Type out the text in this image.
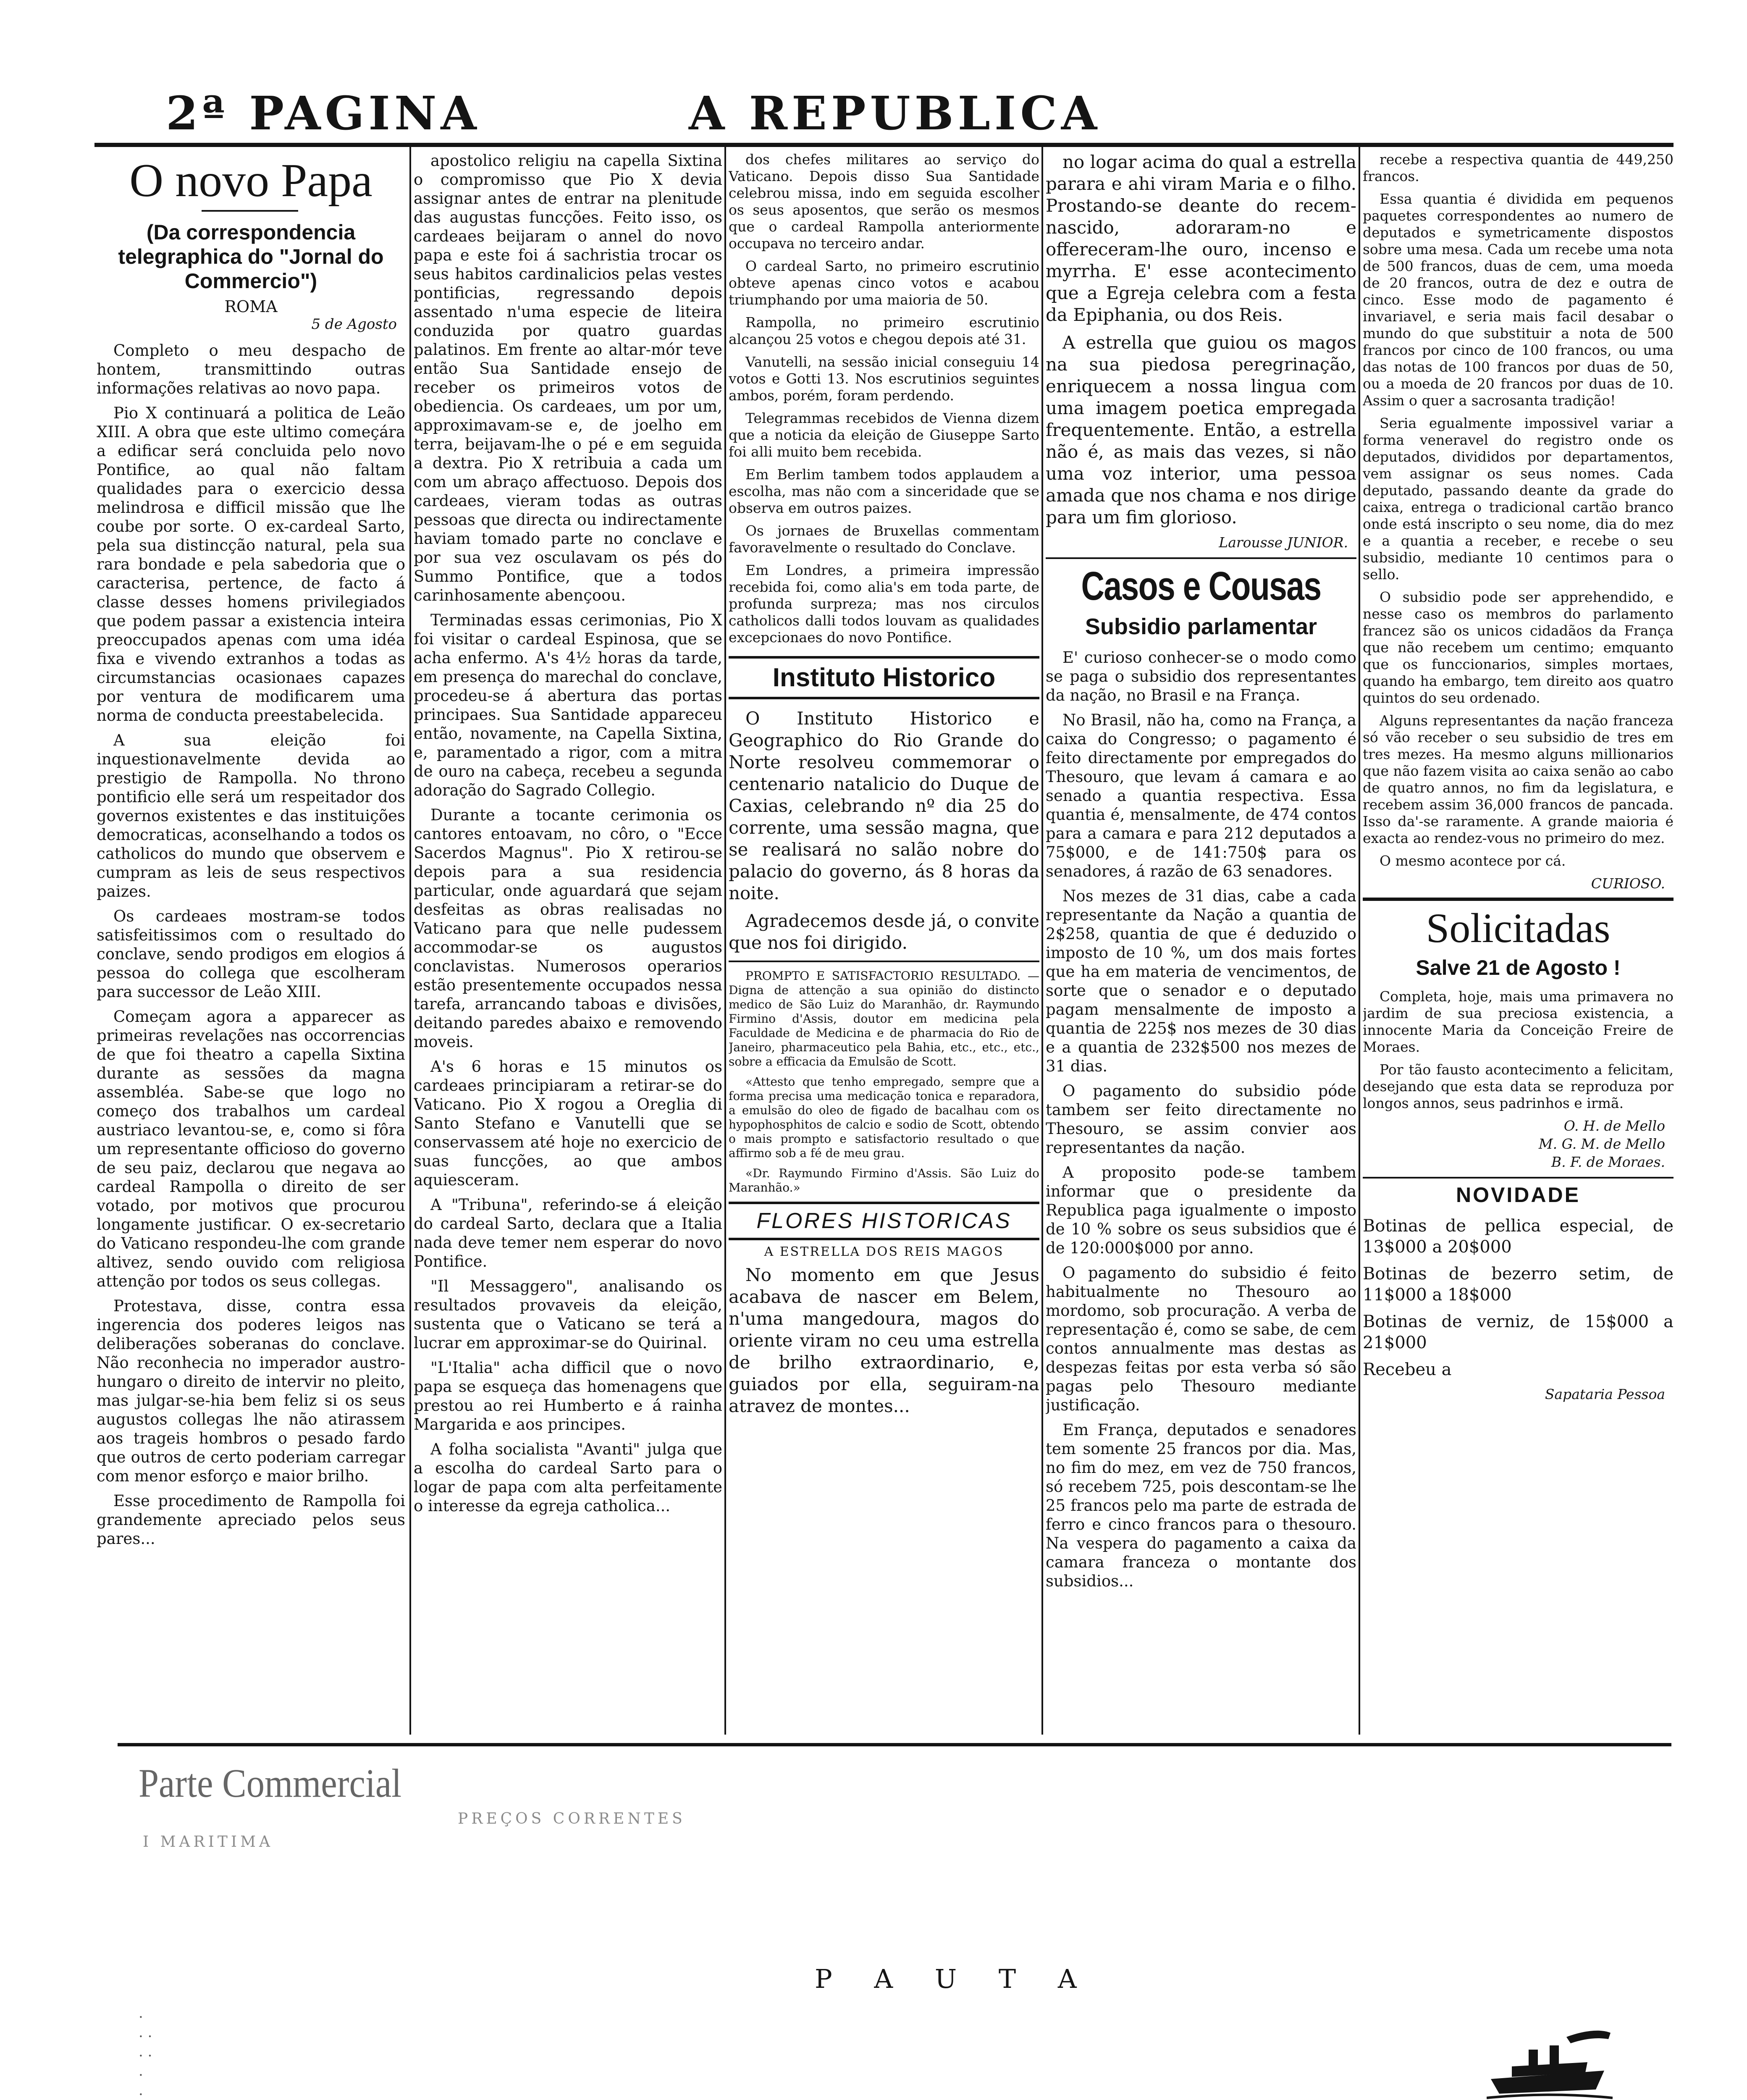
2ª PAGINA	A REPUBLICA
O novo Papa
(Da correspondencia telegraphica do "Jornal do Commercio")
ROMA
5 de Agosto

Completo o meu despacho de hontem, transmittindo outras informações relativas ao novo papa.

Pio X continuará a politica de Leão XIII. A obra que este ultimo começára a edificar será concluida pelo novo Pontifice, ao qual não faltam qualidades para o exercicio dessa melindrosa e difficil missão que lhe coube por sorte. O ex-cardeal Sarto, pela sua distincção natural, pela sua rara bondade e pela sabedoria que o caracterisa, pertence, de facto á classe desses homens privilegiados que podem passar a existencia inteira preoccupados apenas com uma idéa fixa e vivendo extranhos a todas as circumstancias ocasionaes capazes por ventura de modificarem uma norma de conducta preestabelecida.

A sua eleição foi inquestionavelmente devida ao prestigio de Rampolla. No throno pontificio elle será um respeitador dos governos existentes e das instituições democraticas, aconselhando a todos os catholicos do mundo que observem e cumpram as leis de seus respectivos paizes.

Os cardeaes mostram-se todos satisfeitissimos com o resultado do conclave, sendo prodigos em elogios á pessoa do collega que escolheram para successor de Leão XIII.

Começam agora a apparecer as primeiras revelações nas occorrencias de que foi theatro a capella Sixtina durante as sessões da magna assembléa. Sabe-se que logo no começo dos trabalhos um cardeal austriaco levantou-se, e, como si fôra um representante officioso do governo de seu paiz, declarou que negava ao cardeal Rampolla o direito de ser votado, por motivos que procurou longamente justificar. O ex-secretario do Vaticano respondeu-lhe com grande altivez, sendo ouvido com religiosa attenção por todos os seus collegas.

Protestava, disse, contra essa ingerencia dos poderes leigos nas deliberações soberanas do conclave. Não reconhecia no imperador austro-hungaro o direito de intervir no pleito, mas julgar-se-hia bem feliz si os seus augustos collegas lhe não atirassem aos trageis hombros o pesado fardo que outros de certo poderiam carregar com menor esforço e maior brilho.

Esse procedimento de Rampolla foi grandemente apreciado pelos seus pares...

apostolico religiu na capella Sixtina o compromisso que Pio X devia assignar antes de entrar na plenitude das augustas funcções. Feito isso, os cardeaes beijaram o annel do novo papa e este foi á sachristia trocar os seus habitos cardinalicios pelas vestes pontificias, regressando depois assentado n'uma especie de liteira conduzida por quatro guardas palatinos. Em frente ao altar-mór teve então Sua Santidade ensejo de receber os primeiros votos de obediencia. Os cardeaes, um por um, approximavam-se e, de joelho em terra, beijavam-lhe o pé e em seguida a dextra. Pio X retribuia a cada um com um abraço affectuoso. Depois dos cardeaes, vieram todas as outras pessoas que directa ou indirectamente haviam tomado parte no conclave e por sua vez osculavam os pés do Summo Pontifice, que a todos carinhosamente abençoou.

Terminadas essas cerimonias, Pio X foi visitar o cardeal Espinosa, que se acha enfermo. A's 4½ horas da tarde, em presença do marechal do conclave, procedeu-se á abertura das portas principaes. Sua Santidade appareceu então, novamente, na Capella Sixtina, e, paramentado a rigor, com a mitra de ouro na cabeça, recebeu a segunda adoração do Sagrado Collegio.

Durante a tocante cerimonia os cantores entoavam, no côro, o "Ecce Sacerdos Magnus". Pio X retirou-se depois para a sua residencia particular, onde aguardará que sejam desfeitas as obras realisadas no Vaticano para que nelle pudessem accommodar-se os augustos conclavistas. Numerosos operarios estão presentemente occupados nessa tarefa, arrancando taboas e divisões, deitando paredes abaixo e removendo moveis.

A's 6 horas e 15 minutos os cardeaes principiaram a retirar-se do Vaticano. Pio X rogou a Oreglia di Santo Stefano e Vanutelli que se conservassem até hoje no exercicio de suas funcções, ao que ambos aquiesceram.

A "Tribuna", referindo-se á eleição do cardeal Sarto, declara que a Italia nada deve temer nem esperar do novo Pontifice.

"Il Messaggero", analisando os resultados provaveis da eleição, sustenta que o Vaticano se terá a lucrar em approximar-se do Quirinal.

"L'Italia" acha difficil que o novo papa se esqueça das homenagens que prestou ao rei Humberto e á rainha Margarida e aos principes.

A folha socialista "Avanti" julga que a escolha do cardeal Sarto para o logar de papa com alta perfeitamente o interesse da egreja catholica...

dos chefes militares ao serviço do Vaticano. Depois disso Sua Santidade celebrou missa, indo em seguida escolher os seus aposentos, que serão os mesmos que o cardeal Rampolla anteriormente occupava no terceiro andar.

O cardeal Sarto, no primeiro escrutinio obteve apenas cinco votos e acabou triumphando por uma maioria de 50.

Rampolla, no primeiro escrutinio alcançou 25 votos e chegou depois até 31.

Vanutelli, na sessão inicial conseguiu 14 votos e Gotti 13. Nos escrutinios seguintes ambos, porém, foram perdendo.

Telegrammas recebidos de Vienna dizem que a noticia da eleição de Giuseppe Sarto foi alli muito bem recebida.

Em Berlim tambem todos applaudem a escolha, mas não com a sinceridade que se observa em outros paizes.

Os jornaes de Bruxellas commentam favoravelmente o resultado do Conclave.

Em Londres, a primeira impressão recebida foi, como alia's em toda parte, de profunda surpreza; mas nos circulos catholicos dalli todos louvam as qualidades excepcionaes do novo Pontifice.

Instituto Historico

O Instituto Historico e Geographico do Rio Grande do Norte resolveu commemorar o centenario natalicio do Duque de Caxias, celebrando nº dia 25 do corrente, uma sessão magna, que se realisará no salão nobre do palacio do governo, ás 8 horas da noite.

Agradecemos desde já, o convite que nos foi dirigido.

PROMPTO E SATISFACTORIO RESULTADO. — Digna de attenção a sua opinião do distincto medico de São Luiz do Maranhão, dr. Raymundo Firmino d'Assis, doutor em medicina pela Faculdade de Medicina e de pharmacia do Rio de Janeiro, pharmaceutico pela Bahia, etc., etc., etc., sobre a efficacia da Emulsão de Scott.

«Attesto que tenho empregado, sempre que a forma precisa uma medicação tonica e reparadora, a emulsão do oleo de figado de bacalhau com os hypophosphitos de calcio e sodio de Scott, obtendo o mais prompto e satisfactorio resultado o que affirmo sob a fé de meu grau.

«Dr. Raymundo Firmino d'Assis. São Luiz do Maranhão.»

FLORES HISTORICAS
A ESTRELLA DOS REIS MAGOS

No momento em que Jesus acabava de nascer em Belem, n'uma mangedoura, magos do oriente viram no ceu uma estrella de brilho extraordinario, e, guiados por ella, seguiram-na atravez de montes...

no logar acima do qual a estrella parara e ahi viram Maria e o filho. Prostando-se deante do recem-nascido, adoraram-no e offereceram-lhe ouro, incenso e myrrha. E' esse acontecimento que a Egreja celebra com a festa da Epiphania, ou dos Reis.

A estrella que guiou os magos na sua piedosa peregrinação, enriquecem a nossa lingua com uma imagem poetica empregada frequentemente. Então, a estrella não é, as mais das vezes, si não uma voz interior, uma pessoa amada que nos chama e nos dirige para um fim glorioso.

Larousse JUNIOR.
Casos e Cousas
Subsidio parlamentar

E' curioso conhecer-se o modo como se paga o subsidio dos representantes da nação, no Brasil e na França.

No Brasil, não ha, como na França, a caixa do Congresso; o pagamento é feito directamente por empregados do Thesouro, que levam á camara e ao senado a quantia respectiva. Essa quantia é, mensalmente, de 474 contos para a camara e para 212 deputados a 75$000, e de 141:750$ para os senadores, á razão de 63 senadores.

Nos mezes de 31 dias, cabe a cada representante da Nação a quantia de 2$258, quantia de que é deduzido o imposto de 10 %, um dos mais fortes que ha em materia de vencimentos, de sorte que o senador e o deputado pagam mensalmente de imposto a quantia de 225$ nos mezes de 30 dias e a quantia de 232$500 nos mezes de 31 dias.

O pagamento do subsidio póde tambem ser feito directamente no Thesouro, se assim convier aos representantes da nação.

A proposito pode-se tambem informar que o presidente da Republica paga igualmente o imposto de 10 % sobre os seus subsidios que é de 120:000$000 por anno.

O pagamento do subsidio é feito habitualmente no Thesouro ao mordomo, sob procuração. A verba de representação é, como se sabe, de cem contos annualmente mas destas as despezas feitas por esta verba só são pagas pelo Thesouro mediante justificação.

Em França, deputados e senadores tem somente 25 francos por dia. Mas, no fim do mez, em vez de 750 francos, só recebem 725, pois descontam-se lhe 25 francos pelo ma parte de estrada de ferro e cinco francos para o thesouro. Na vespera do pagamento a caixa da camara franceza o montante dos subsidios...

recebe a respectiva quantia de 449,250 francos.

Essa quantia é dividida em pequenos paquetes correspondentes ao numero de deputados e symetricamente dispostos sobre uma mesa. Cada um recebe uma nota de 500 francos, duas de cem, uma moeda de 20 francos, outra de dez e outra de cinco. Esse modo de pagamento é invariavel, e seria mais facil desabar o mundo do que substituir a nota de 500 francos por cinco de 100 francos, ou uma das notas de 100 francos por duas de 50, ou a moeda de 20 francos por duas de 10. Assim o quer a sacrosanta tradição!

Seria egualmente impossivel variar a forma veneravel do registro onde os deputados, divididos por departamentos, vem assignar os seus nomes. Cada deputado, passando deante da grade do caixa, entrega o tradicional cartão branco onde está inscripto o seu nome, dia do mez e a quantia a receber, e recebe o seu subsidio, mediante 10 centimos para o sello.

O subsidio pode ser apprehendido, e nesse caso os membros do parlamento francez são os unicos cidadãos da França que não recebem um centimo; emquanto que os funccionarios, simples mortaes, quando ha embargo, tem direito aos quatro quintos do seu ordenado.

Alguns representantes da nação franceza só vão receber o seu subsidio de tres em tres mezes. Ha mesmo alguns millionarios que não fazem visita ao caixa senão ao cabo de quatro annos, no fim da legislatura, e recebem assim 36,000 francos de pancada. Isso da'-se raramente. A grande maioria é exacta ao rendez-vous no primeiro do mez.

O mesmo acontece por cá.

CURIOSO.
Solicitadas
Salve 21 de Agosto !

Completa, hoje, mais uma primavera no jardim de sua preciosa existencia, a innocente Maria da Conceição Freire de Moraes.

Por tão fausto acontecimento a felicitam, desejando que esta data se reproduza por longos annos, seus padrinhos e irmã.

O. H. de Mello
M. G. M. de Mello
B. F. de Moraes.
NOVIDADE

Botinas de pellica especial, de 13$000 a 20$000

Botinas de bezerro setim, de 11$000 a 18$000

Botinas de verniz, de 15$000 a 21$000

Recebeu a

Sapataria Pessoa
Parte Commercial
I MARITIMA
PREÇOS CORRENTES
P A U T A
·
· ·
· ·
·
·
